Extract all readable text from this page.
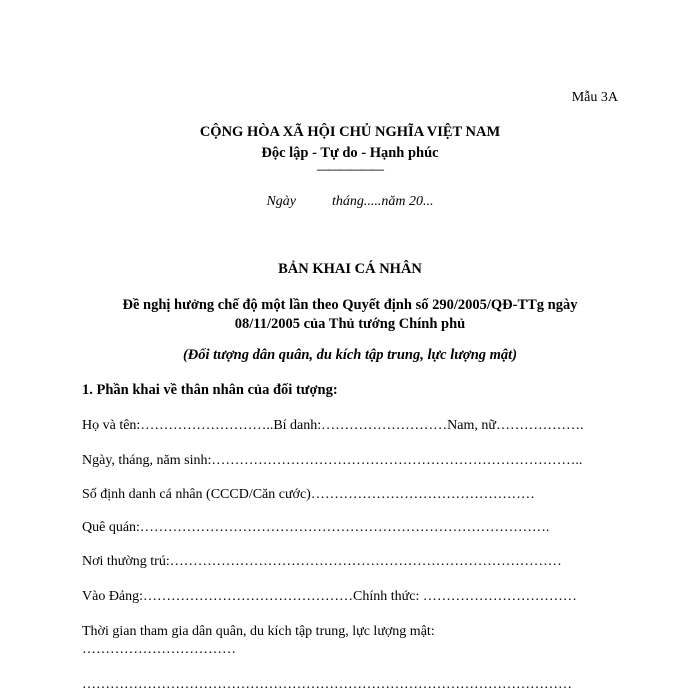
Mẫu 3A
CỘNG HÒA XÃ HỘI CHỦ NGHĨA VIỆT NAM
Độc lập - Tự do - Hạnh phúc
——————
Ngày	tháng.....năm 20...
BẢN KHAI CÁ NHÂN
Đề nghị hưởng chế độ một lần theo Quyết định số 290/2005/QĐ-TTg ngày
08/11/2005 của Thủ tướng Chính phủ
(Đối tượng dân quân, du kích tập trung, lực lượng mật)
1. Phần khai về thân nhân của đối tượng:
Họ và tên:………………………..Bí danh:………………………Nam, nữ……………….
Ngày, tháng, năm sinh:……………………………………………………………………..
Số định danh cá nhân (CCCD/Căn cước)…………………………………………
Quê quán:…………………………………………………………………………….
Nơi thường trú:…………………………………………………………………………
Vào Đảng:………………………………………Chính thức: ……………………………
Thời gian tham gia dân quân, du kích tập trung, lực lượng mật:
……………………………
……………………………………………………………………………………………
